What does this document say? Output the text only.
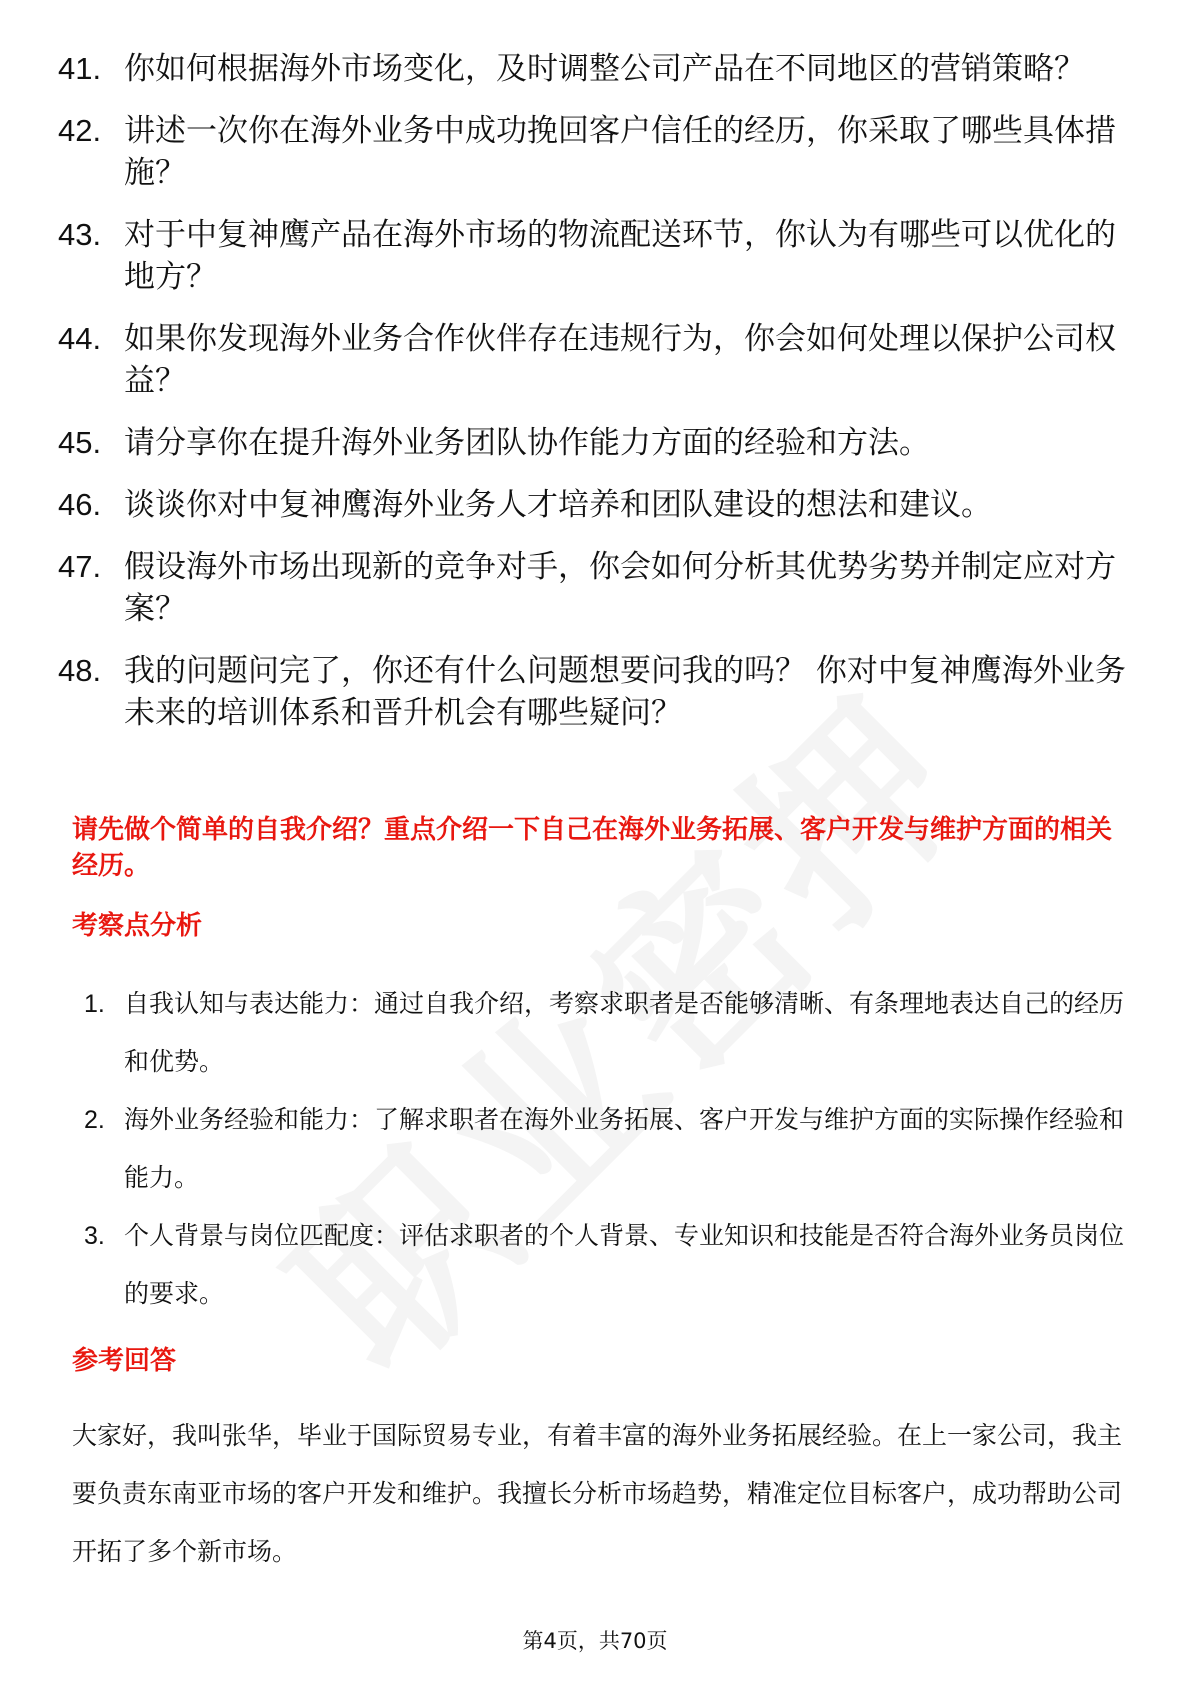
41. 你如何根据海外市场变化，及时调整公司产品在不同地区的营销策略？
42. 讲述一次你在海外业务中成功挽回客户信任的经历，你采取了哪些具体措施？
43. 对于中复神鹰产品在海外市场的物流配送环节，你认为有哪些可以优化的地方？
44. 如果你发现海外业务合作伙伴存在违规行为，你会如何处理以保护公司权益？
45. 请分享你在提升海外业务团队协作能力方面的经验和方法。
46. 谈谈你对中复神鹰海外业务人才培养和团队建设的想法和建议。
47. 假设海外市场出现新的竞争对手，你会如何分析其优势劣势并制定应对方案？
48. 我的问题问完了，你还有什么问题想要问我的吗？ 你对中复神鹰海外业务未来的培训体系和晋升机会有哪些疑问？
请先做个简单的自我介绍？重点介绍一下自己在海外业务拓展、客户开发与维护方面的相关经历。
考察点分析
1. 自我认知与表达能力：通过自我介绍，考察求职者是否能够清晰、有条理地表达自己的经历和优势。
2. 海外业务经验和能力：了解求职者在海外业务拓展、客户开发与维护方面的实际操作经验和能力。
3. 个人背景与岗位匹配度：评估求职者的个人背景、专业知识和技能是否符合海外业务员岗位的要求。
参考回答
大家好，我叫张华，毕业于国际贸易专业，有着丰富的海外业务拓展经验。在上一家公司，我主要负责东南亚市场的客户开发和维护。我擅长分析市场趋势，精准定位目标客户，成功帮助公司开拓了多个新市场。
第4页，共70页
